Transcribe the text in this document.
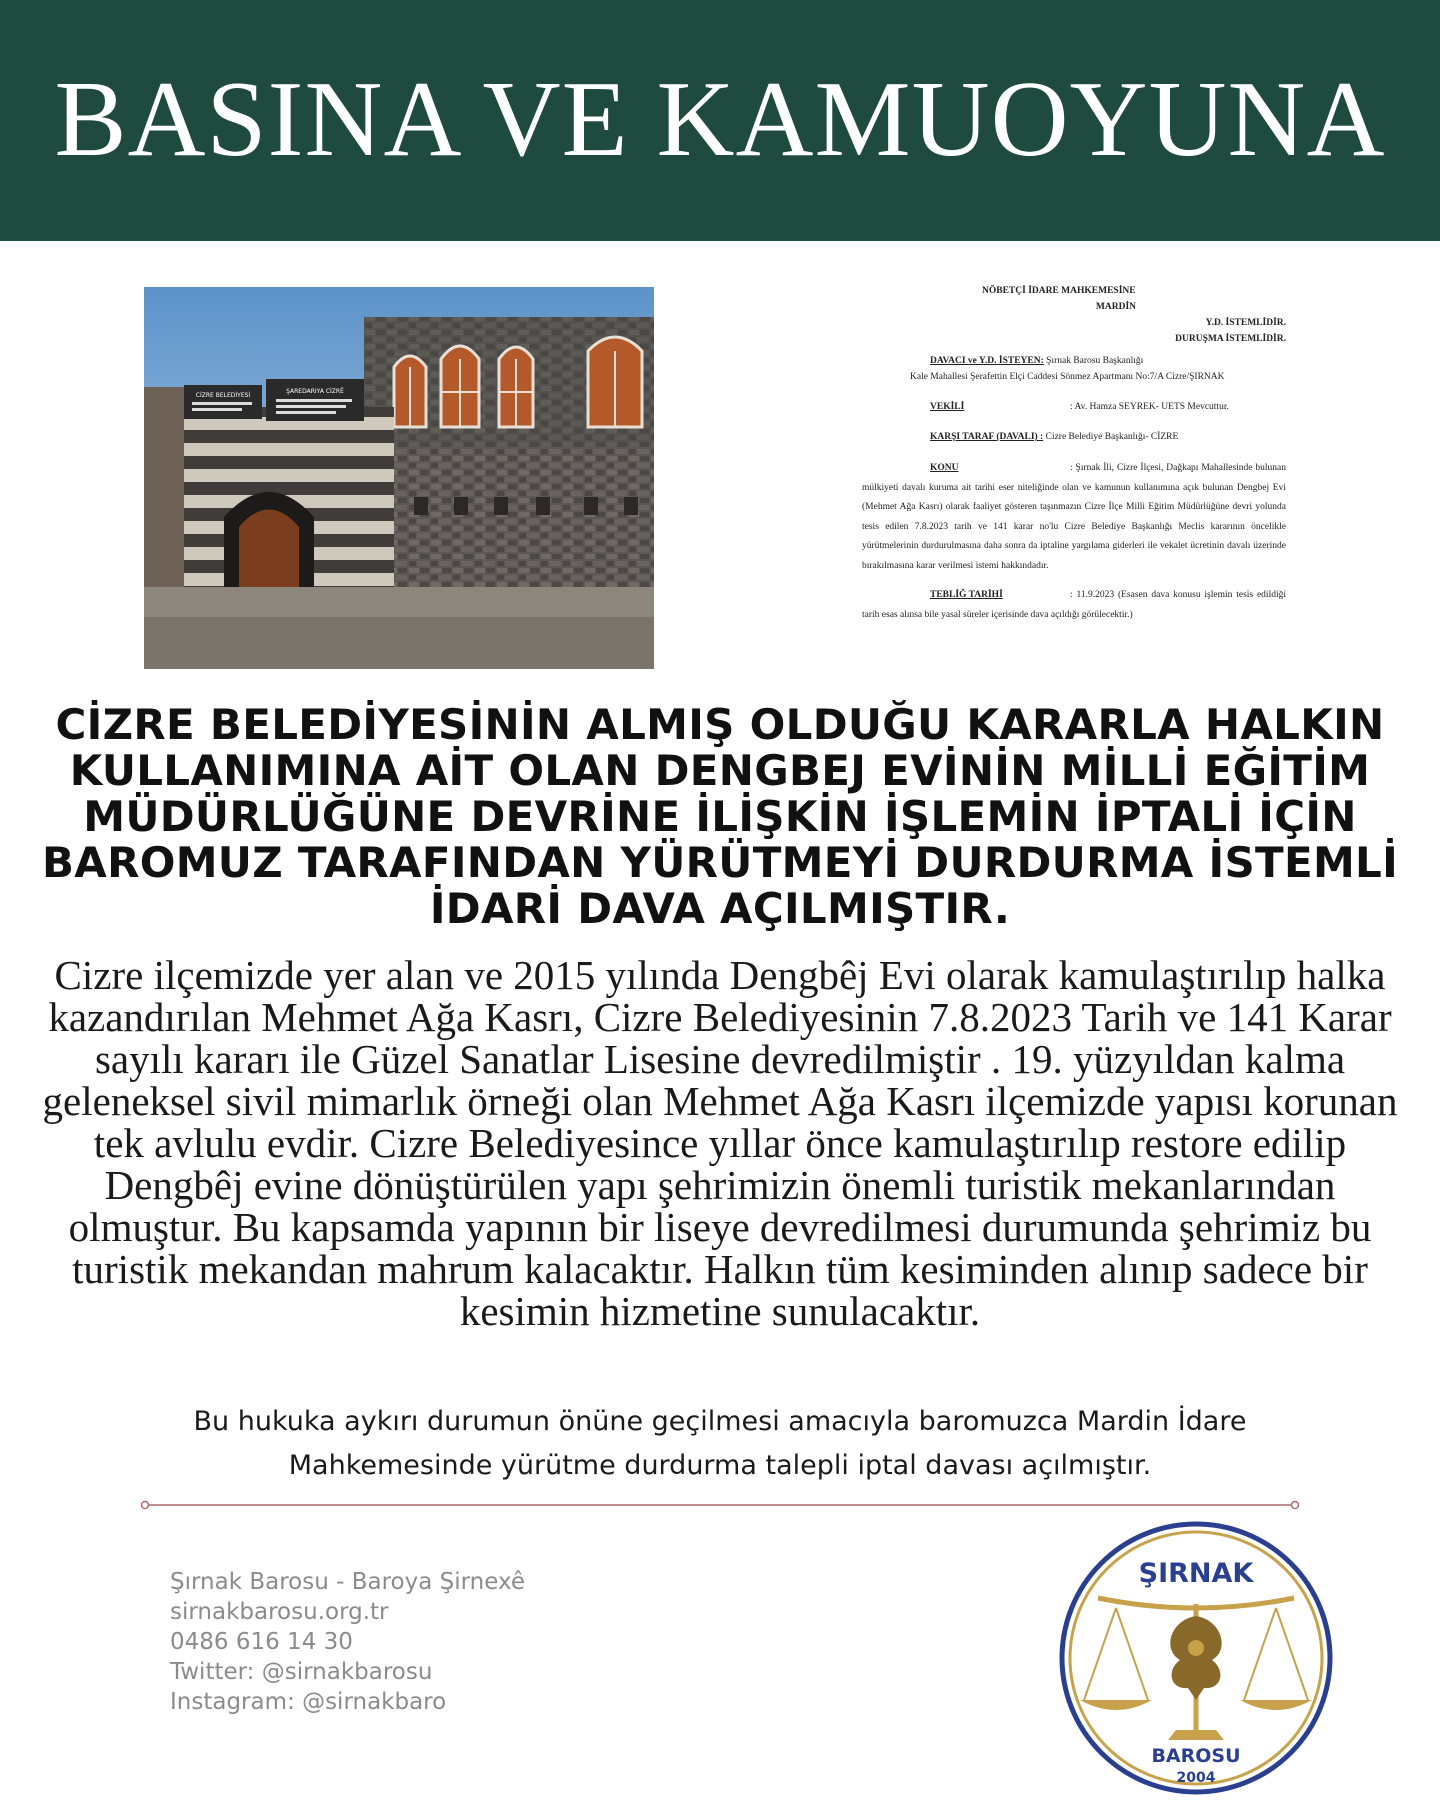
BASINA VE KAMUOYUNA
CİZRE BELEDİYESİ
ŞAREDARIYA CİZRÊ
NÖBETÇİ İDARE MAHKEMESİNE
MARDİN
Y.D. İSTEMLİDİR.
DURUŞMA İSTEMLİDİR.
DAVACI ve Y.D. İSTEYEN: Şırnak Barosu Başkanlığı
Kale Mahallesi Şerafettin Elçi Caddesi Sönmez Apartmanı No:7/A Cizre/ŞIRNAK
VEKİLİ	: Av. Hamza SEYREK- UETS Mevcuttur.
KARŞI TARAF (DAVALI) : Cizre Belediye Başkanlığı- CİZRE
KONU	: Şırnak İli, Cizre İlçesi, Dağkapı Mahallesinde bulunan mülkiyeti davalı kuruma ait tarihi eser niteliğinde olan ve kamunun kullanımına açık bulunan Dengbej Evi (Mehmet Ağa Kasrı) olarak faaliyet gösteren taşınmazın Cizre İlçe Milli Eğitim Müdürlüğüne devri yolunda tesis edilen 7.8.2023 tarih ve 141 karar no'lu Cizre Belediye Başkanlığı Meclis kararının öncelikle yürütmelerinin durdurulmasına daha sonra da iptaline yargılama giderleri ile vekalet ücretinin davalı üzerinde bırakılmasına karar verilmesi istemi hakkındadır.
TEBLİĞ TARİHİ	: 11.9.2023 (Esasen dava konusu işlemin tesis edildiği tarih esas alınsa bile yasal süreler içerisinde dava açıldığı görülecektir.)
CİZRE BELEDİYESİNİN ALMIŞ OLDUĞU KARARLA HALKIN KULLANIMINA AİT OLAN DENGBEJ EVİNİN MİLLİ EĞİTİM MÜDÜRLÜĞÜNE DEVRİNE İLİŞKİN İŞLEMİN İPTALİ İÇİN BAROMUZ TARAFINDAN YÜRÜTMEYİ DURDURMA İSTEMLİ İDARİ DAVA AÇILMIŞTIR.
Cizre ilçemizde yer alan ve 2015 yılında Dengbêj Evi olarak kamulaştırılıp halka kazandırılan Mehmet Ağa Kasrı, Cizre Belediyesinin 7.8.2023 Tarih ve 141 Karar sayılı kararı ile Güzel Sanatlar Lisesine devredilmiştir . 19. yüzyıldan kalma geleneksel sivil mimarlık örneği olan Mehmet Ağa Kasrı ilçemizde yapısı korunan tek avlulu evdir. Cizre Belediyesince yıllar önce kamulaştırılıp restore edilip Dengbêj evine dönüştürülen yapı şehrimizin önemli turistik mekanlarından olmuştur. Bu kapsamda yapının bir liseye devredilmesi durumunda şehrimiz bu turistik mekandan mahrum kalacaktır. Halkın tüm kesiminden alınıp sadece bir kesimin hizmetine sunulacaktır.
Bu hukuka aykırı durumun önüne geçilmesi amacıyla baromuzca Mardin İdare Mahkemesinde yürütme durdurma talepli iptal davası açılmıştır.
Şırnak Barosu - Baroya Şirnexê
sirnakbarosu.org.tr
0486 616 14 30
Twitter: @sirnakbarosu
Instagram: @sirnakbaro
ŞIRNAK
BAROSU
2004
